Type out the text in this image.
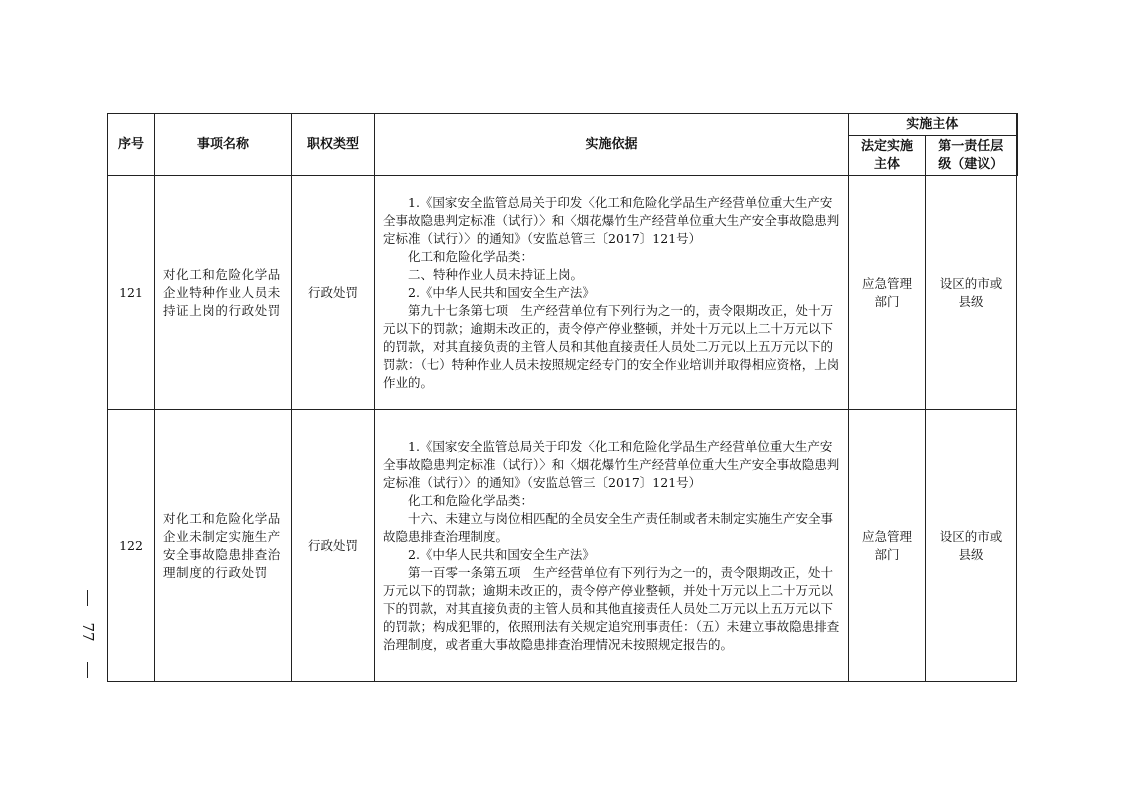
序号	事项名称	职权类型	实施依据	实施主体	
				法定实施主体	第一责任层级（建议）
121	对化工和危险化学品企业特种作业人员未持证上岗的行政处罚	行政处罚	1.《国家安全监管总局关于印发〈化工和危险化学品生产经营单位重大生产安全事故隐患判定标准（试行）〉和〈烟花爆竹生产经营单位重大生产安全事故隐患判定标准（试行）〉的通知》（安监总管三〔2017〕121号）

化工和危险化学品类：

二、特种作业人员未持证上岗。

2.《中华人民共和国安全生产法》

第九十七条第七项　生产经营单位有下列行为之一的，责令限期改正，处十万元以下的罚款；逾期未改正的，责令停产停业整顿，并处十万元以上二十万元以下的罚款，对其直接负责的主管人员和其他直接责任人员处二万元以上五万元以下的罚款：（七）特种作业人员未按照规定经专门的安全作业培训并取得相应资格，上岗作业的。	应急管理部门	设区的市或县级
122	对化工和危险化学品企业未制定实施生产安全事故隐患排查治理制度的行政处罚	行政处罚	1.《国家安全监管总局关于印发〈化工和危险化学品生产经营单位重大生产安全事故隐患判定标准（试行）〉和〈烟花爆竹生产经营单位重大生产安全事故隐患判定标准（试行）〉的通知》（安监总管三〔2017〕121号）

化工和危险化学品类：

十六、未建立与岗位相匹配的全员安全生产责任制或者未制定实施生产安全事故隐患排查治理制度。

2.《中华人民共和国安全生产法》

第一百零一条第五项　生产经营单位有下列行为之一的，责令限期改正，处十万元以下的罚款；逾期未改正的，责令停产停业整顿，并处十万元以上二十万元以下的罚款，对其直接负责的主管人员和其他直接责任人员处二万元以上五万元以下的罚款；构成犯罪的，依照刑法有关规定追究刑事责任：（五）未建立事故隐患排查治理制度，或者重大事故隐患排查治理情况未按照规定报告的。	应急管理部门	设区的市或县级
77
